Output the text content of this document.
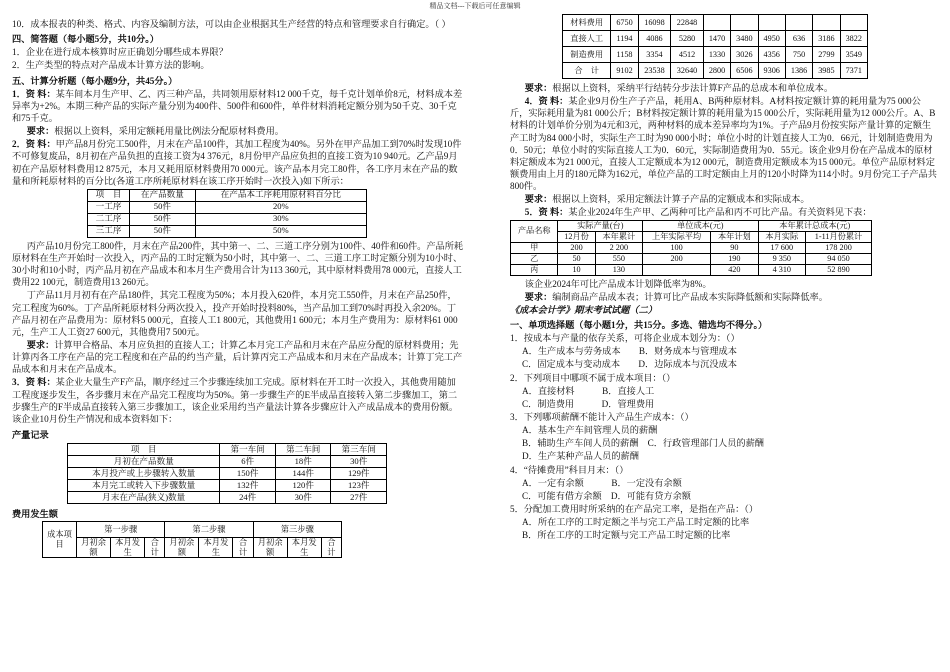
精品文档---下载后可任意编辑

10．成本报表的种类、格式、内容及编制方法，可以由企业根据其生产经营的特点和管理要求自行确定。（ ）

四、简答题（每小题5分，共10分。）

1．企业在进行成本核算时应正确划分哪些成本界限？

2．生产类型的特点对产品成本计算方法的影响。

五、计算分析题（每小题9分，共45分。）

1．资 料：某车间本月生产甲、乙、丙三种产品，共同领用原材料12 000千克，每千克计划单价8元，材料成本差异率为+2%。本期三种产品的实际产量分别为400件、500件和600件，单件材料消耗定额分别为50千克、30千克和75千克。

要求：根据以上资料，采用定额耗用量比例法分配原材料费用。

2．资 料：甲产品8月份完工500件，月末在产品100件，其加工程度为40%。另外在甲产品加工到70%时发现10件不可修复废品，8月初在产品负担的直接工资为4 376元，8月份甲产品应负担的直接工资为10 940元。乙产品9月初在产品原材料费用12 875元，本月又耗用原材料费用70 000元。该产品本月完工80件，各工序月末在产品的数量和所耗原材料的百分比(各道工序所耗原材料在该工序开始时一次投入)如下所示：

项　目	在产品数量	在产品本工序耗用原材料百分比
一工序	50件	20%
二工序	50件	30%
三工序	50件	50%

丙产品10月份完工800件，月末在产品200件，其中第一、二、三道工序分别为100件、40件和60件。产品所耗原材料在生产开始时一次投入，丙产品的工时定额为50小时，其中第一、二、三道工序工时定额分别为10小时、30小时和10小时，丙产品月初在产品成本和本月生产费用合计为113 360元，其中原材料费用78 000元，直接人工费用22 100元，制造费用13 260元。

丁产品11月月初有在产品180件，其完工程度为50%；本月投入620件，本月完工550件，月末在产品250件，完工程度为60%。丁产品所耗原材料分两次投入，投产开始时投料80%，当产品加工到70%时再投入余20%。丁产品月初在产品费用为：原材料5 000元，直接人工1 800元，其他费用1 600元；本月生产费用为：原材料61 000元，生产工人工资27 600元，其他费用7 500元。

要求：计算甲合格品、本月应负担的直接人工；计算乙本月完工产品和月末在产品应分配的原材料费用；先计算丙各工序在产品的完工程度和在产品的约当产量，后计算丙完工产品成本和月末在产品成本；计算丁完工产品成本和月末在产品成本。

3．资 料：某企业大量生产F产品，顺序经过三个步骤连续加工完成。原材料在开工时一次投入，其他费用随加工程度逐步发生，各步骤月末在产品完工程度均为50%。第一步骤生产的E半成品直接转入第二步骤加工，第二步骤生产的F半成品直接转入第三步骤加工，该企业采用约当产量法计算各步骤应计入产成品成本的费用份额。该企业10月份生产情况和成本资料如下：

产量记录

项　目	第一车间	第二车间	第三车间
月初在产品数量	6件	18件	30件
本月投产或上步骤转入数量	150件	144件	129件
本月完工或转入下步骤数量	132件	120件	123件
月末在产品(狭义)数量	24件	30件	27件

费用发生额

成本项目	第一步骤			第二步骤			第三步骤		
	月初余额	本月发生	合计	月初余额	本月发生	合计	月初余额	本月发生	合计
材料费用	6750	16098	22848						
直接人工	1194	4086	5280	1470	3480	4950	636	3186	3822
制造费用	1158	3354	4512	1330	3026	4356	750	2799	3549
合　计	9102	23538	32640	2800	6506	9306	1386	3985	7371

要求：根据以上资料，采纳平行结转分步法计算F产品的总成本和单位成本。

4．资 料：某企业9月份生产子产品，耗用A、B两种原材料。A材料按定额计算的耗用量为75 000公斤，实际耗用量为81 000公斤；B材料按定额计算的耗用量为15 000公斤，实际耗用量为12 000公斤。A、B材料的计划单价分别为4元和3元，两种材料的成本差异率均为1%。子产品9月份按实际产量计算的定额生产工时为84 000小时，实际生产工时为90 000小时；单位小时的计划直接人工为0．66元，计划制造费用为0．50元；单位小时的实际直接人工为0．60元，实际制造费用为0．55元。该企业9月份在产品成本的原材料定额成本为21 000元，直接人工定额成本为12 000元，制造费用定额成本为15 000元。单位产品原材料定额费用由上月的180元降为162元，单位产品的工时定额由上月的120小时降为114小时。9月份完工子产品共800件。

要求：根据以上资料，采用定额法计算子产品的定额成本和实际成本。

5．资 料：某企业2024年生产甲、乙两种可比产品和丙不可比产品。有关资料见下表：

产品名称	实际产量(台)		单位成本(元)		本年累计总成本(元)	
	12月份	本年累计	上年实际平均	本年计划	本月实际	1-11月份累计
甲	200	2 200	100	90	17 600	178 200
乙	50	550	200	190	9 350	94 050
丙	10	130		420	4 310	52 890

该企业2024年可比产品成本计划降低率为8%。

要求：编制商品产品成本表；计算可比产品成本实际降低额和实际降低率。

《成本会计学》期末考试试题（二）

一、单项选择题（每小题1分，共15分。多选、错选均不得分。）

1．按成本与产量的依存关系，可将企业成本划分为：（）

A．生产成本与劳务成本　　B．财务成本与管理成本

C．固定成本与变动成本　　D．边际成本与沉没成本

2．下列项目中哪项不属于成本项目：（）

A．直接材料　　　B．直接人工

C．制造费用　　　D．管理费用

3．下列哪项薪酬不能计入产品生产成本：（）

A．基本生产车间管理人员的薪酬

B．辅助生产车间人员的薪酬　C．行政管理部门人员的薪酬

D．生产某种产品人员的薪酬

4．“待摊费用”科目月末：（）

A．一定有余额　　　B．一定没有余额

C．可能有借方余额　D．可能有贷方余额

5．分配加工费用时所采纳的在产品完工率，是指在产品：（）

A．所在工序的工时定额之半与完工产品工时定额的比率

B．所在工序的工时定额与完工产品工时定额的比率
